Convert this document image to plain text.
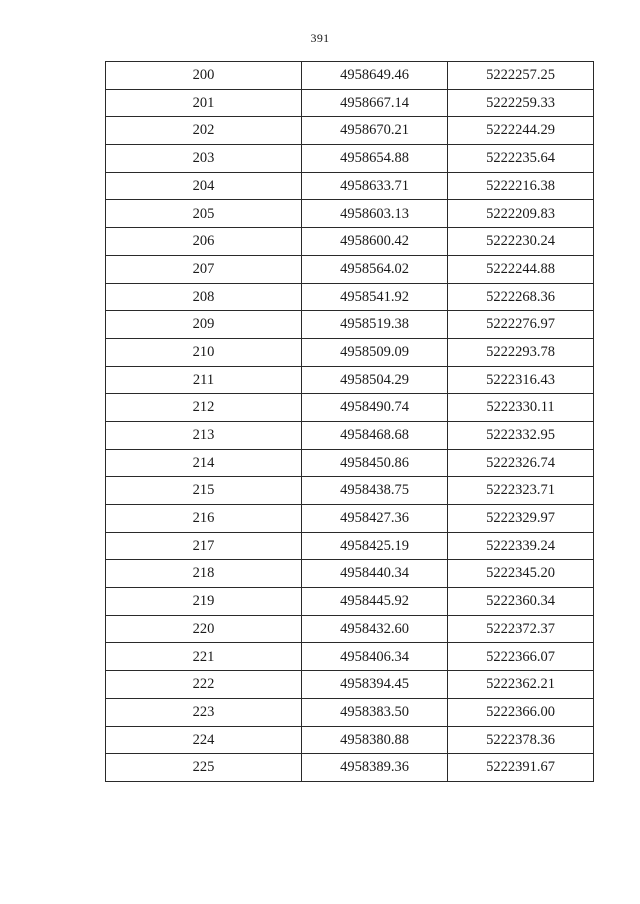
391
200	4958649.46	5222257.25
201	4958667.14	5222259.33
202	4958670.21	5222244.29
203	4958654.88	5222235.64
204	4958633.71	5222216.38
205	4958603.13	5222209.83
206	4958600.42	5222230.24
207	4958564.02	5222244.88
208	4958541.92	5222268.36
209	4958519.38	5222276.97
210	4958509.09	5222293.78
211	4958504.29	5222316.43
212	4958490.74	5222330.11
213	4958468.68	5222332.95
214	4958450.86	5222326.74
215	4958438.75	5222323.71
216	4958427.36	5222329.97
217	4958425.19	5222339.24
218	4958440.34	5222345.20
219	4958445.92	5222360.34
220	4958432.60	5222372.37
221	4958406.34	5222366.07
222	4958394.45	5222362.21
223	4958383.50	5222366.00
224	4958380.88	5222378.36
225	4958389.36	5222391.67
